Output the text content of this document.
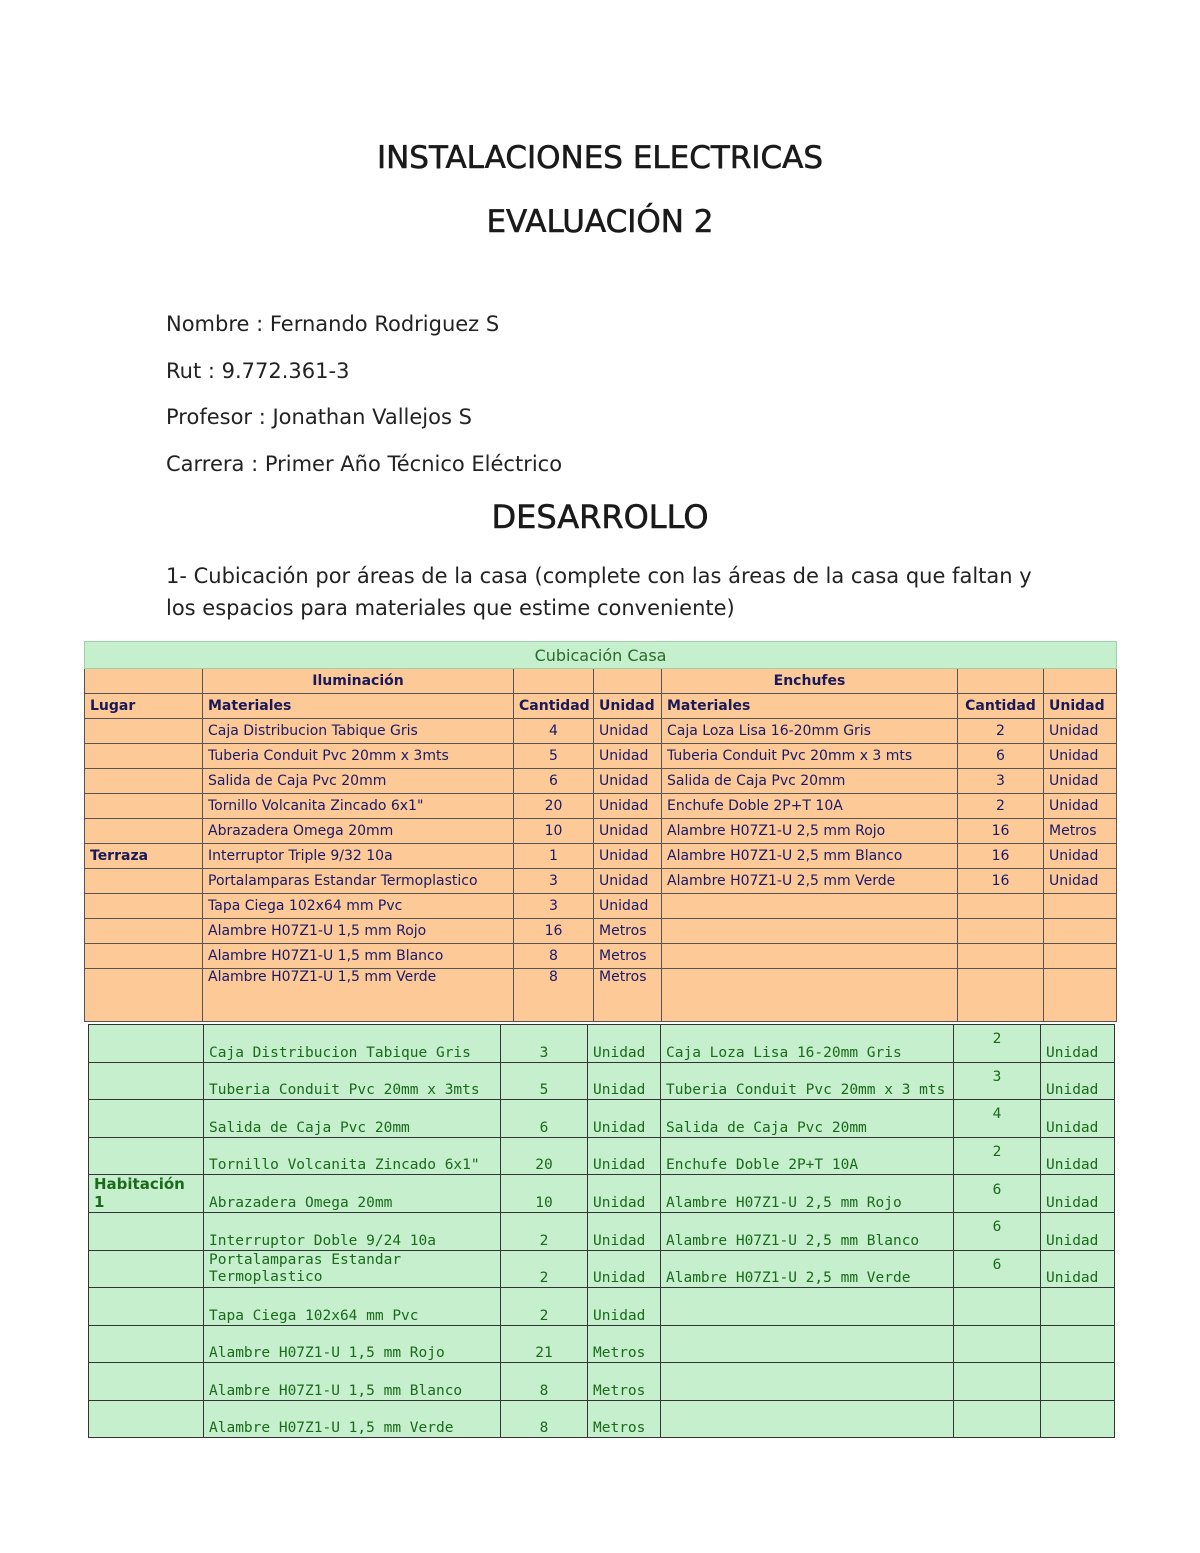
INSTALACIONES ELECTRICAS
EVALUACIÓN 2

Nombre : Fernando Rodriguez S

Rut : 9.772.361-3

Profesor : Jonathan Vallejos S

Carrera : Primer Año Técnico Eléctrico

DESARROLLO

1- Cubicación por áreas de la casa (complete con las áreas de la casa que faltan y
los espacios para materiales que estime conveniente)

Cubicación Casa						
	Iluminación			Enchufes		
Lugar	Materiales	Cantidad	Unidad	Materiales	Cantidad	Unidad
	Caja Distribucion Tabique Gris	4	Unidad	Caja Loza Lisa 16-20mm Gris	2	Unidad
	Tuberia Conduit Pvc 20mm x 3mts	5	Unidad	Tuberia Conduit Pvc 20mm x 3 mts	6	Unidad
	Salida de Caja Pvc 20mm	6	Unidad	Salida de Caja Pvc 20mm	3	Unidad
	Tornillo Volcanita Zincado 6x1"	20	Unidad	Enchufe Doble 2P+T 10A	2	Unidad
	Abrazadera Omega 20mm	10	Unidad	Alambre H07Z1-U 2,5 mm Rojo	16	Metros
Terraza	Interruptor Triple 9/32 10a	1	Unidad	Alambre H07Z1-U 2,5 mm Blanco	16	Unidad
	Portalamparas Estandar Termoplastico	3	Unidad	Alambre H07Z1-U 2,5 mm Verde	16	Unidad
	Tapa Ciega 102x64 mm Pvc	3	Unidad			
	Alambre H07Z1-U 1,5 mm Rojo	16	Metros			
	Alambre H07Z1-U 1,5 mm Blanco	8	Metros			
	Alambre H07Z1-U 1,5 mm Verde	8	Metros			
	Caja Distribucion Tabique Gris	3	Unidad	Caja Loza Lisa 16-20mm Gris	2	Unidad
	Tuberia Conduit Pvc 20mm x 3mts	5	Unidad	Tuberia Conduit Pvc 20mm x 3 mts	3	Unidad
	Salida de Caja Pvc 20mm	6	Unidad	Salida de Caja Pvc 20mm	4	Unidad
	Tornillo Volcanita Zincado 6x1"	20	Unidad	Enchufe Doble 2P+T 10A	2	Unidad
Habitación 1	Abrazadera Omega 20mm	10	Unidad	Alambre H07Z1-U 2,5 mm Rojo	6	Unidad
	Interruptor Doble 9/24 10a	2	Unidad	Alambre H07Z1-U 2,5 mm Blanco	6	Unidad
	Portalamparas Estandar Termoplastico	2	Unidad	Alambre H07Z1-U 2,5 mm Verde	6	Unidad
	Tapa Ciega 102x64 mm Pvc	2	Unidad			
	Alambre H07Z1-U 1,5 mm Rojo	21	Metros			
	Alambre H07Z1-U 1,5 mm Blanco	8	Metros			
	Alambre H07Z1-U 1,5 mm Verde	8	Metros			
